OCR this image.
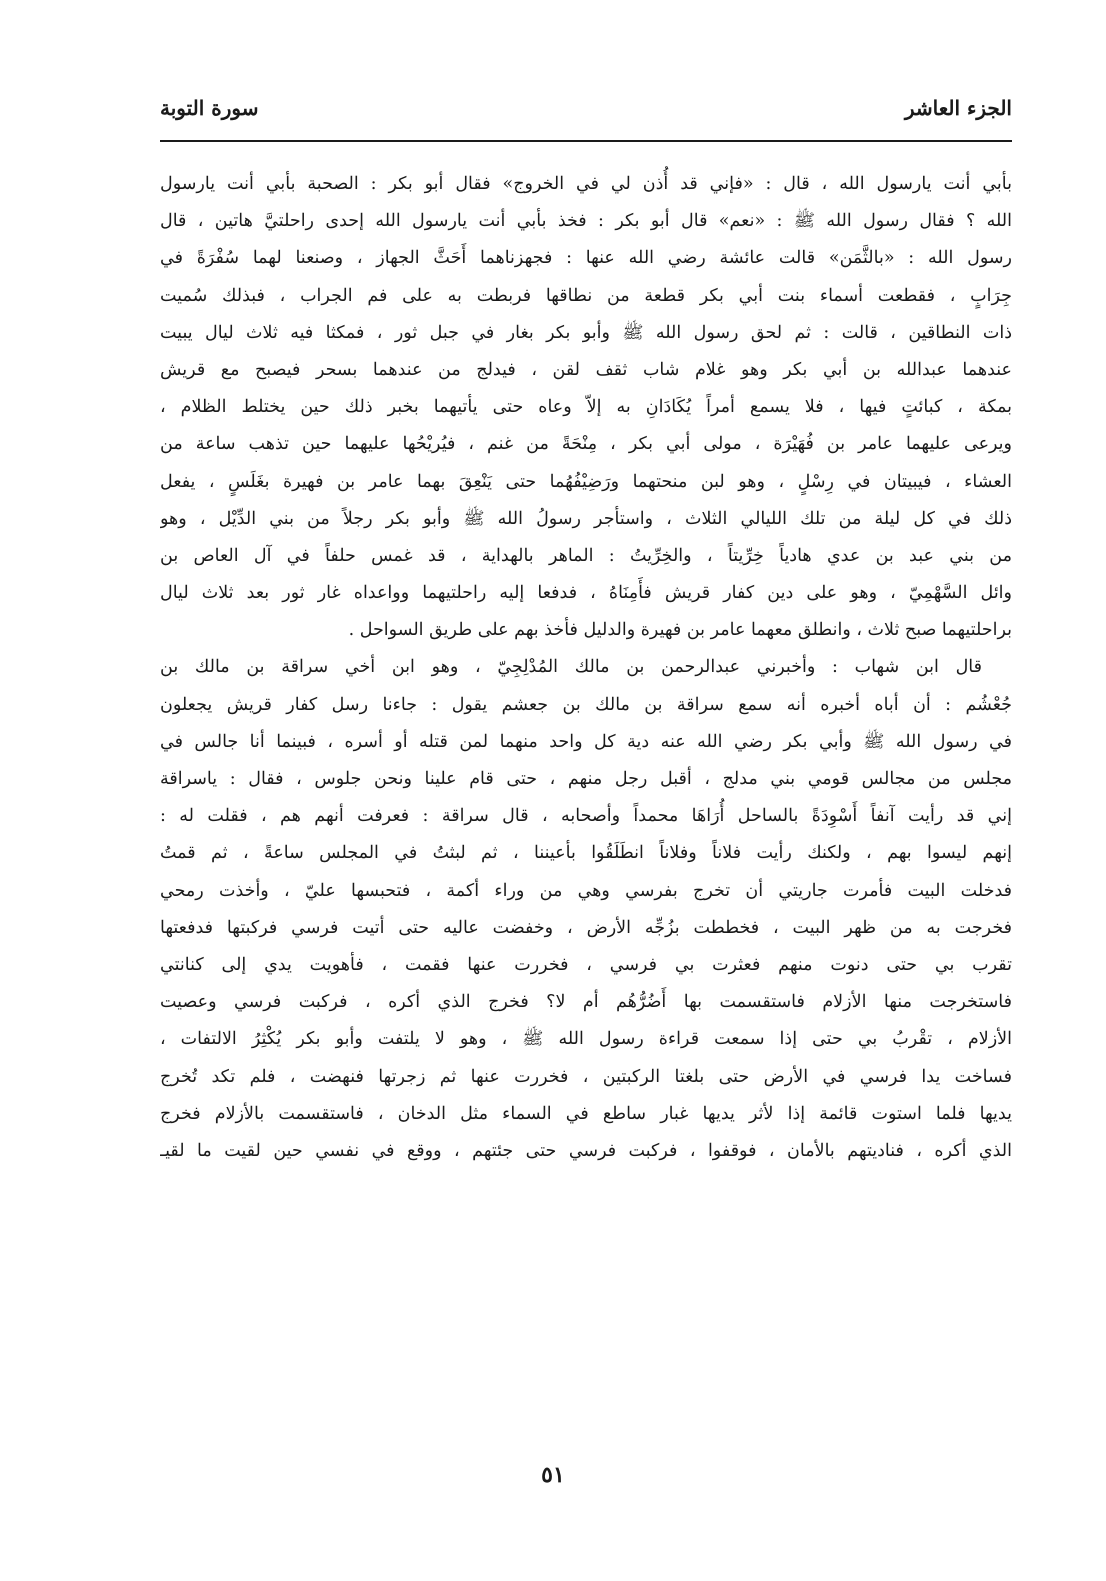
الجزء العاشر
سورة التوبة
بأبي أنت يارسول الله ، قال : «فإني قد أُذن لي في الخروج» فقال أبو بكر : الصحبة بأبي أنت يارسول
الله ؟ فقال رسول الله ﷺ : «نعم» قال أبو بكر : فخذ بأبي أنت يارسول الله إحدى راحلتيَّ هاتين ، قال
رسول الله : «بالثَّمَن» قالت عائشة رضي الله عنها : فجهزناهما أَحَثَّ الجهاز ، وصنعنا لهما سُفْرَةً في
جِرَابٍ ، فقطعت أسماء بنت أبي بكر قطعة من نطاقها فربطت به على فم الجراب ، فبذلك سُميت
ذات النطاقين ، قالت : ثم لحق رسول الله ﷺ وأبو بكر بغار في جبل ثور ، فمكثا فيه ثلاث ليال يبيت
عندهما عبدالله بن أبي بكر وهو غلام شاب ثقف لقن ، فيدلج من عندهما بسحر فيصبح مع قريش
بمكة ، كبائتٍ فيها ، فلا يسمع أمراً يُكَادَانِ به إلاّ وعاه حتى يأتيهما بخبر ذلك حين يختلط الظلام ،
ويرعى عليهما عامر بن فُهَيْرَة ، مولى أبي بكر ، مِنْحَةً من غنم ، فيُريْحُها عليهما حين تذهب ساعة من
العشاء ، فيبيتان في رِسْلٍ ، وهو لبن منحتهما ورَضِيْفُهُما حتى يَنْعِقَ بهما عامر بن فهيرة بغَلَسٍ ، يفعل
ذلك في كل ليلة من تلك الليالي الثلاث ، واستأجر رسولُ الله ﷺ وأبو بكر رجلاً من بني الدِّيْل ، وهو
من بني عبد بن عدي هادياً خِرِّيتاً ، والخِرِّيتُ : الماهر بالهداية ، قد غمس حلفاً في آل العاص بن
وائل السَّهْمِيّ ، وهو على دين كفار قريش فأَمِنَاهُ ، فدفعا إليه راحلتيهما وواعداه غار ثور بعد ثلاث ليال
براحلتيهما صبح ثلاث ، وانطلق معهما عامر بن فهيرة والدليل فأخذ بهم على طريق السواحل .
قال ابن شهاب : وأخبرني عبدالرحمن بن مالك المُدْلِجِيّ ، وهو ابن أخي سراقة بن مالك بن
جُعْشُم : أن أباه أخبره أنه سمع سراقة بن مالك بن جعشم يقول : جاءنا رسل كفار قريش يجعلون
في رسول الله ﷺ وأبي بكر رضي الله عنه دية كل واحد منهما لمن قتله أو أسره ، فبينما أنا جالس في
مجلس من مجالس قومي بني مدلج ، أقبل رجل منهم ، حتى قام علينا ونحن جلوس ، فقال : ياسراقة
إني قد رأيت آنفاً أَسْوِدَةً بالساحل أُرَاهَا محمداً وأصحابه ، قال سراقة : فعرفت أنهم هم ، فقلت له :
إنهم ليسوا بهم ، ولكنك رأيت فلاناً وفلاناً انطَلَقُوا بأعيننا ، ثم لبثتُ في المجلس ساعةً ، ثم قمتُ
فدخلت البيت فأمرت جاريتي أن تخرج بفرسي وهي من وراء أكمة ، فتحبسها عليّ ، وأخذت رمحي
فخرجت به من ظهر البيت ، فخططت بزُجِّه الأرض ، وخفضت عاليه حتى أتيت فرسي فركبتها فدفعتها
تقرب بي حتى دنوت منهم فعثرت بي فرسي ، فخررت عنها فقمت ، فأهويت يدي إلى كنانتي
فاستخرجت منها الأزلام فاستقسمت بها أَضُرُّهُم أم لا؟ فخرج الذي أكره ، فركبت فرسي وعصيت
الأزلام ، تقْربُ بي حتى إذا سمعت قراءة رسول الله ﷺ ، وهو لا يلتفت وأبو بكر يُكْثِرُ الالتفات ،
فساخت يدا فرسي في الأرض حتى بلغتا الركبتين ، فخررت عنها ثم زجرتها فنهضت ، فلم تكد تُخرج
يديها فلما استوت قائمة إذا لأثر يديها غبار ساطع في السماء مثل الدخان ، فاستقسمت بالأزلام فخرج
الذي أكره ، فناديتهم بالأمان ، فوقفوا ، فركبت فرسي حتى جئتهم ، ووقع في نفسي حين لقيت ما لقيـ
٥١
